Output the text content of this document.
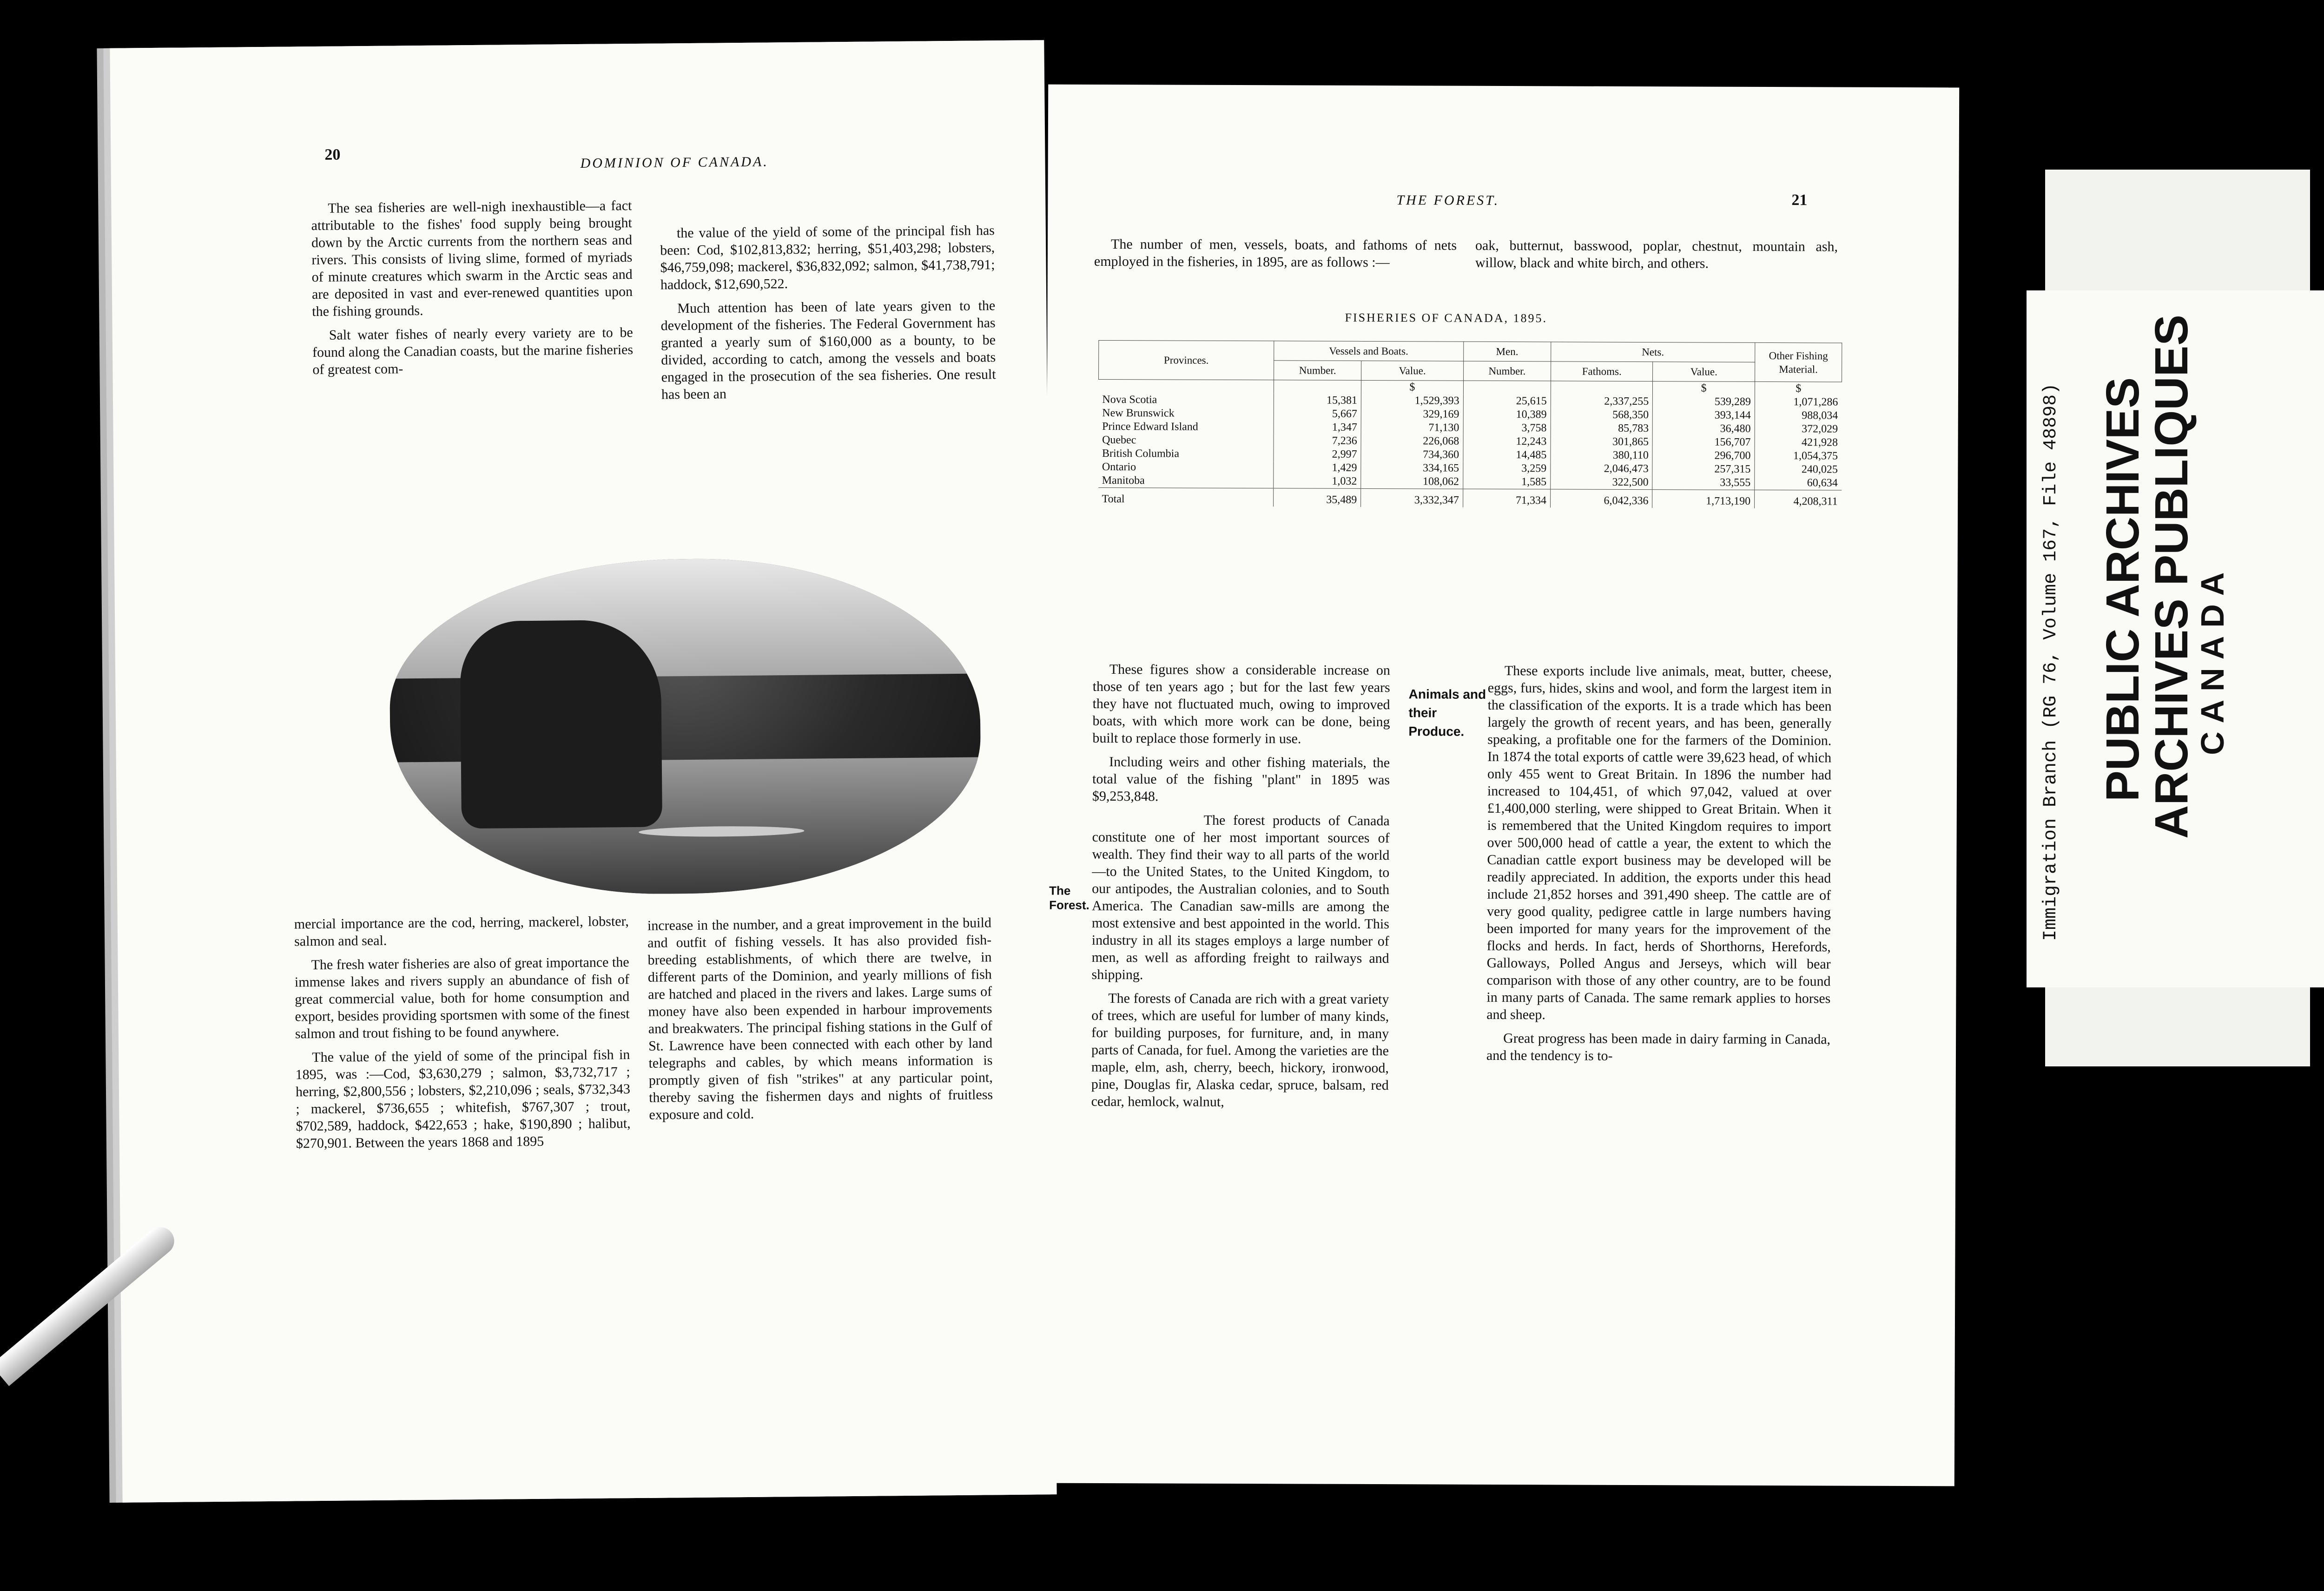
20	DOMINION OF CANADA.

The sea fisheries are well-nigh inexhaustible—a fact attributable to the fishes' food supply being brought down by the Arctic currents from the northern seas and rivers. This consists of living slime, formed of myriads of minute creatures which swarm in the Arctic seas and are deposited in vast and ever-renewed quantities upon the fishing grounds.

Salt water fishes of nearly every variety are to be found along the Canadian coasts, but the marine fisheries of greatest com-

the value of the yield of some of the principal fish has been: Cod, $102,813,832; herring, $51,403,298; lobsters, $46,759,098; mackerel, $36,832,092; salmon, $41,738,791; haddock, $12,690,522.

Much attention has been of late years given to the development of the fisheries. The Federal Government has granted a yearly sum of $160,000 as a bounty, to be divided, according to catch, among the vessels and boats engaged in the prosecution of the sea fisheries. One result has been an

mercial importance are the cod, herring, mackerel, lobster, salmon and seal.

The fresh water fisheries are also of great importance the immense lakes and rivers supply an abundance of fish of great commercial value, both for home consumption and export, besides providing sportsmen with some of the finest salmon and trout fishing to be found anywhere.

The value of the yield of some of the principal fish in 1895, was :—Cod, $3,630,279 ; salmon, $3,732,717 ; herring, $2,800,556 ; lobsters, $2,210,096 ; seals, $732,343 ; mackerel, $736,655 ; whitefish, $767,307 ; trout, $702,589, haddock, $422,653 ; hake, $190,890 ; halibut, $270,901. Between the years 1868 and 1895

increase in the number, and a great improvement in the build and outfit of fishing vessels. It has also provided fish-breeding establishments, of which there are twelve, in different parts of the Dominion, and yearly millions of fish are hatched and placed in the rivers and lakes. Large sums of money have also been expended in harbour improvements and breakwaters. The principal fishing stations in the Gulf of St. Lawrence have been connected with each other by land telegraphs and cables, by which means information is promptly given of fish "strikes" at any particular point, thereby saving the fishermen days and nights of fruitless exposure and cold.

THE FOREST.	21

The number of men, vessels, boats, and fathoms of nets employed in the fisheries, in 1895, are as follows :—

oak, butternut, basswood, poplar, chestnut, mountain ash, willow, black and white birch, and others.

FISHERIES OF CANADA, 1895.
Provinces.	Vessels and Boats.		Men.	Nets.		Other Fishing Material.
	Number.	Value.	Number.	Fathoms.	Value.	
		$			$	$
Nova Scotia	15,381	1,529,393	25,615	2,337,255	539,289	1,071,286
New Brunswick	5,667	329,169	10,389	568,350	393,144	988,034
Prince Edward Island	1,347	71,130	3,758	85,783	36,480	372,029
Quebec	7,236	226,068	12,243	301,865	156,707	421,928
British Columbia	2,997	734,360	14,485	380,110	296,700	1,054,375
Ontario	1,429	334,165	3,259	2,046,473	257,315	240,025
Manitoba	1,032	108,062	1,585	322,500	33,555	60,634
Total	35,489	3,332,347	71,334	6,042,336	1,713,190	4,208,311

These figures show a considerable increase on those of ten years ago ; but for the last few years they have not fluctuated much, owing to improved boats, with which more work can be done, being built to replace those formerly in use.

Including weirs and other fishing materials, the total value of the fishing "plant" in 1895 was $9,253,848.

The forest products of Canada constitute one of her most important sources of wealth. They find their way to all parts of the world—to the United States, to the United Kingdom, to our antipodes, the Australian colonies, and to South America. The Canadian saw-mills are among the most extensive and best appointed in the world. This industry in all its stages employs a large number of men, as well as affording freight to railways and shipping.

The forests of Canada are rich with a great variety of trees, which are useful for lumber of many kinds, for building purposes, for furniture, and, in many parts of Canada, for fuel. Among the varieties are the maple, elm, ash, cherry, beech, hickory, ironwood, pine, Douglas fir, Alaska cedar, spruce, balsam, red cedar, hemlock, walnut,

The Forest.
Animals and their Produce.

These exports include live animals, meat, butter, cheese, eggs, furs, hides, skins and wool, and form the largest item in the classification of the exports. It is a trade which has been largely the growth of recent years, and has been, generally speaking, a profitable one for the farmers of the Dominion. In 1874 the total exports of cattle were 39,623 head, of which only 455 went to Great Britain. In 1896 the number had increased to 104,451, of which 97,042, valued at over £1,400,000 sterling, were shipped to Great Britain. When it is remembered that the United Kingdom requires to import over 500,000 head of cattle a year, the extent to which the Canadian cattle export business may be developed will be readily appreciated. In addition, the exports under this head include 21,852 horses and 391,490 sheep. The cattle are of very good quality, pedigree cattle in large numbers having been imported for many years for the improvement of the flocks and herds. In fact, herds of Shorthorns, Herefords, Galloways, Polled Angus and Jerseys, which will bear comparison with those of any other country, are to be found in many parts of Canada. The same remark applies to horses and sheep.

Great progress has been made in dairy farming in Canada, and the tendency is to-

Immigration Branch (RG 76, Volume 167, File 48898) PUBLIC ARCHIVES
ARCHIVES PUBLIQUES
CANADA
